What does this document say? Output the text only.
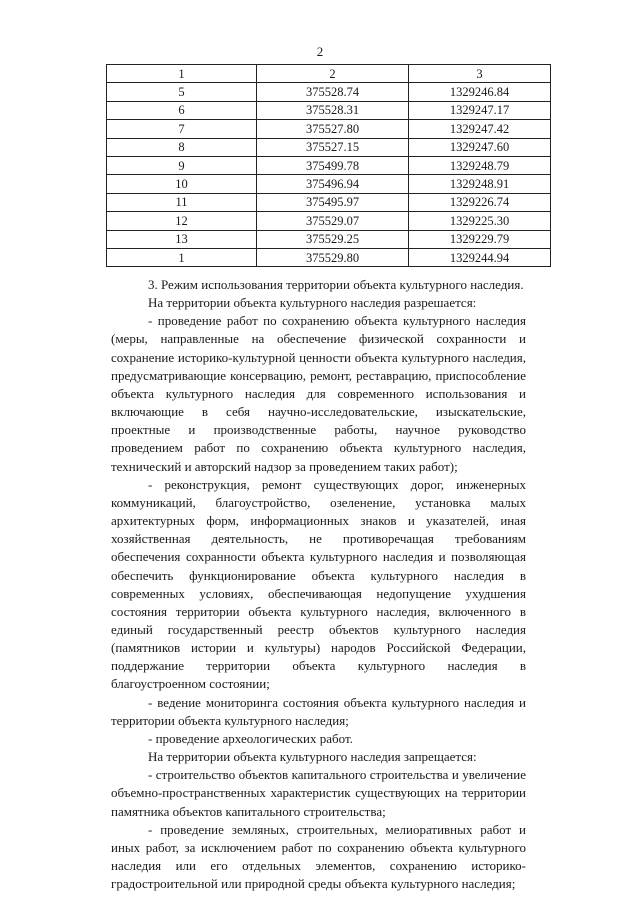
2
1	2	3
5	375528.74	1329246.84
6	375528.31	1329247.17
7	375527.80	1329247.42
8	375527.15	1329247.60
9	375499.78	1329248.79
10	375496.94	1329248.91
11	375495.97	1329226.74
12	375529.07	1329225.30
13	375529.25	1329229.79
1	375529.80	1329244.94

3. Режим использования территории объекта культурного наследия.

На территории объекта культурного наследия разрешается:

- проведение работ по сохранению объекта культурного наследия (меры, направленные на обеспечение физической сохранности и сохранение историко-культурной ценности объекта культурного наследия, предусматривающие консервацию, ремонт, реставрацию, приспособление объекта культурного наследия для современного использования и включающие в себя научно-исследовательские, изыскательские, проектные и производственные работы, научное руководство проведением работ по сохранению объекта культурного наследия, технический и авторский надзор за проведением таких работ);

- реконструкция, ремонт существующих дорог, инженерных коммуникаций, благоустройство, озеленение, установка малых архитектурных форм, информационных знаков и указателей, иная хозяйственная деятельность, не противоречащая требованиям обеспечения сохранности объекта культурного наследия и позволяющая обеспечить функционирование объекта культурного наследия в современных условиях, обеспечивающая недопущение ухудшения состояния территории объекта культурного наследия, включенного в единый государственный реестр объектов культурного наследия (памятников истории и культуры) народов Российской Федерации, поддержание территории объекта культурного наследия в благоустроенном состоянии;

- ведение мониторинга состояния объекта культурного наследия и территории объекта культурного наследия;

- проведение археологических работ.

На территории объекта культурного наследия запрещается:

- строительство объектов капитального строительства и увеличение объемно-пространственных характеристик существующих на территории памятника объектов капитального строительства;

- проведение земляных, строительных, мелиоративных работ и иных работ, за исключением работ по сохранению объекта культурного наследия или его отдельных элементов, сохранению историко-градостроительной или природной среды объекта культурного наследия;
